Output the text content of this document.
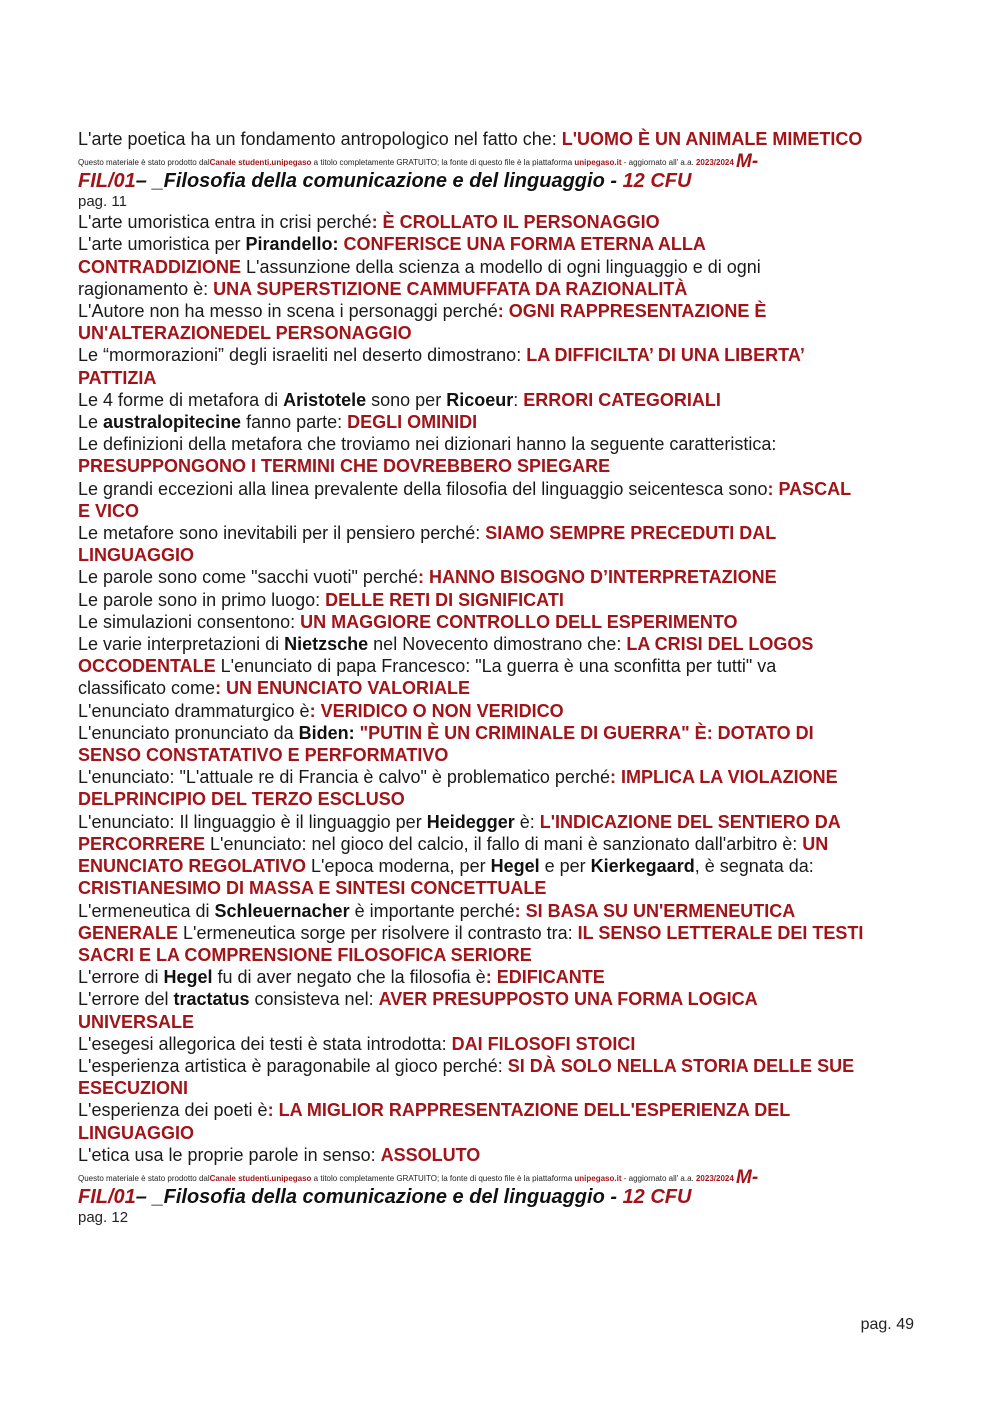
L'arte poetica ha un fondamento antropologico nel fatto che: L'UOMO È UN ANIMALE MIMETICO
Questo materiale è stato prodotto dalCanale studenti.unipegaso a titolo completamente GRATUITO; la fonte di questo file è la piattaforma unipegaso.it - aggiornato all' a.a. 2023/2024 M-
FIL/01– _Filosofia della comunicazione e del linguaggio - 12 CFU
pag. 11
L'arte umoristica entra in crisi perché: È CROLLATO IL PERSONAGGIO
L'arte umoristica per Pirandello: CONFERISCE UNA FORMA ETERNA ALLA
CONTRADDIZIONE L'assunzione della scienza a modello di ogni linguaggio e di ogni
ragionamento è: UNA SUPERSTIZIONE CAMMUFFATA DA RAZIONALITÀ
L'Autore non ha messo in scena i personaggi perché: OGNI RAPPRESENTAZIONE È
UN'ALTERAZIONEDEL PERSONAGGIO
Le “mormorazioni” degli israeliti nel deserto dimostrano: LA DIFFICILTA’ DI UNA LIBERTA’
PATTIZIA
Le 4 forme di metafora di Aristotele sono per Ricoeur: ERRORI CATEGORIALI
Le australopitecine fanno parte: DEGLI OMINIDI
Le definizioni della metafora che troviamo nei dizionari hanno la seguente caratteristica:
PRESUPPONGONO I TERMINI CHE DOVREBBERO SPIEGARE
Le grandi eccezioni alla linea prevalente della filosofia del linguaggio seicentesca sono: PASCAL
E VICO
Le metafore sono inevitabili per il pensiero perché: SIAMO SEMPRE PRECEDUTI DAL
LINGUAGGIO
Le parole sono come "sacchi vuoti" perché: HANNO BISOGNO D’INTERPRETAZIONE
Le parole sono in primo luogo: DELLE RETI DI SIGNIFICATI
Le simulazioni consentono: UN MAGGIORE CONTROLLO DELL ESPERIMENTO
Le varie interpretazioni di Nietzsche nel Novecento dimostrano che: LA CRISI DEL LOGOS
OCCODENTALE L'enunciato di papa Francesco: "La guerra è una sconfitta per tutti" va
classificato come: UN ENUNCIATO VALORIALE
L'enunciato drammaturgico è: VERIDICO O NON VERIDICO
L'enunciato pronunciato da Biden: "PUTIN È UN CRIMINALE DI GUERRA" È: DOTATO DI
SENSO CONSTATATIVO E PERFORMATIVO
L'enunciato: "L'attuale re di Francia è calvo" è problematico perché: IMPLICA LA VIOLAZIONE
DELPRINCIPIO DEL TERZO ESCLUSO
L'enunciato: Il linguaggio è il linguaggio per Heidegger è: L'INDICAZIONE DEL SENTIERO DA
PERCORRERE L'enunciato: nel gioco del calcio, il fallo di mani è sanzionato dall'arbitro è: UN
ENUNCIATO REGOLATIVO L'epoca moderna, per Hegel e per Kierkegaard, è segnata da:
CRISTIANESIMO DI MASSA E SINTESI CONCETTUALE
L'ermeneutica di Schleuernacher è importante perché: SI BASA SU UN'ERMENEUTICA
GENERALE L'ermeneutica sorge per risolvere il contrasto tra: IL SENSO LETTERALE DEI TESTI
SACRI E LA COMPRENSIONE FILOSOFICA SERIORE
L'errore di Hegel fu di aver negato che la filosofia è: EDIFICANTE
L'errore del tractatus consisteva nel: AVER PRESUPPOSTO UNA FORMA LOGICA
UNIVERSALE
L'esegesi allegorica dei testi è stata introdotta: DAI FILOSOFI STOICI
L'esperienza artistica è paragonabile al gioco perché: SI DÀ SOLO NELLA STORIA DELLE SUE
ESECUZIONI
L'esperienza dei poeti è: LA MIGLIOR RAPPRESENTAZIONE DELL'ESPERIENZA DEL
LINGUAGGIO
L'etica usa le proprie parole in senso: ASSOLUTO
Questo materiale è stato prodotto dalCanale studenti.unipegaso a titolo completamente GRATUITO; la fonte di questo file è la piattaforma unipegaso.it - aggiornato all' a.a. 2023/2024 M-
FIL/01– _Filosofia della comunicazione e del linguaggio - 12 CFU
pag. 12
pag. 49
